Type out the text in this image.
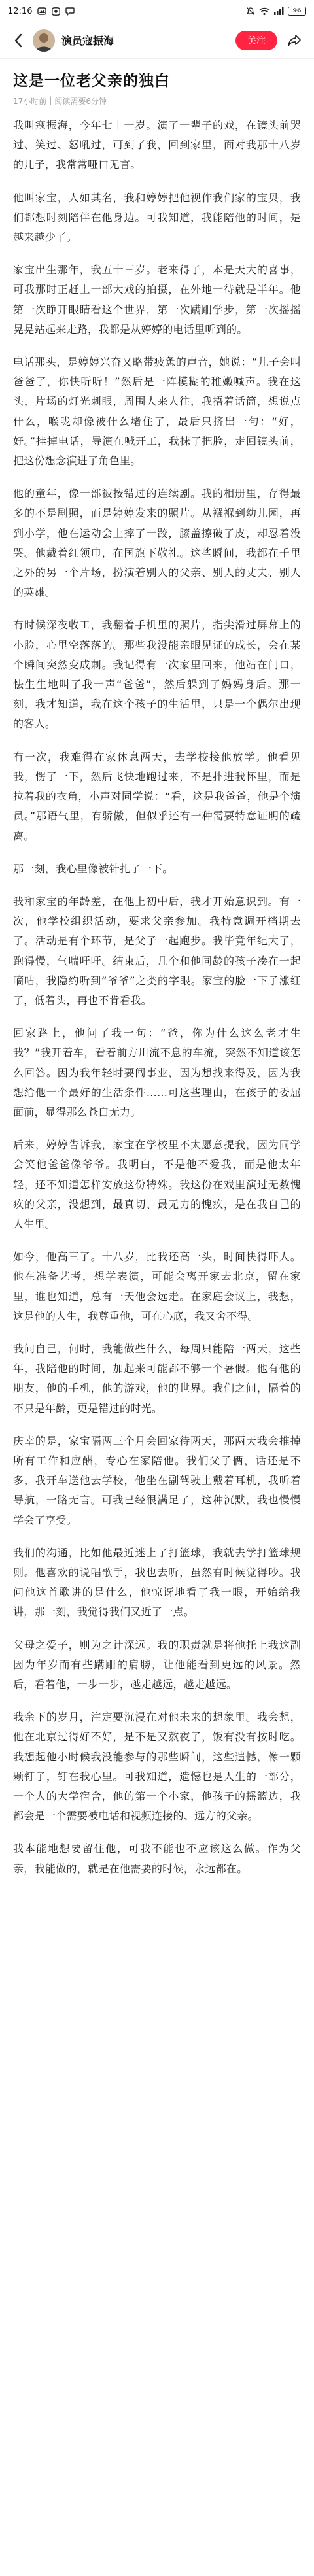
12:16	96
演员寇振海	关注
这是一位老父亲的独白
17小时前 | 阅读需要6分钟

我叫寇振海，今年七十一岁。演了一辈子的戏，在镜头前哭过、笑过、怒吼过，可到了我，回到家里，面对我那十八岁的儿子，我常常哑口无言。

他叫家宝，人如其名，我和婷婷把他视作我们家的宝贝，我们都想时刻陪伴在他身边。可我知道，我能陪他的时间，是越来越少了。

家宝出生那年，我五十三岁。老来得子，本是天大的喜事，可我那时正赶上一部大戏的拍摄，在外地一待就是半年。他第一次睁开眼睛看这个世界，第一次蹒跚学步，第一次摇摇晃晃站起来走路，我都是从婷婷的电话里听到的。

电话那头，是婷婷兴奋又略带疲惫的声音，她说：“儿子会叫爸爸了，你快听听！”然后是一阵模糊的稚嫩喊声。我在这头，片场的灯光刺眼，周围人来人往，我捂着话筒，想说点什么，喉咙却像被什么堵住了，最后只挤出一句：“好，好。”挂掉电话，导演在喊开工，我抹了把脸，走回镜头前，把这份想念演进了角色里。

他的童年，像一部被按错过的连续剧。我的相册里，存得最多的不是剧照，而是婷婷发来的照片。从襁褓到幼儿园，再到小学，他在运动会上摔了一跤，膝盖擦破了皮，却忍着没哭。他戴着红领巾，在国旗下敬礼。这些瞬间，我都在千里之外的另一个片场，扮演着别人的父亲、别人的丈夫、别人的英雄。

有时候深夜收工，我翻着手机里的照片，指尖滑过屏幕上的小脸，心里空落落的。那些我没能亲眼见证的成长，会在某个瞬间突然变成刺。我记得有一次家里回来，他站在门口，怯生生地叫了我一声“爸爸”，然后躲到了妈妈身后。那一刻，我才知道，我在这个孩子的生活里，只是一个偶尔出现的客人。

有一次，我难得在家休息两天，去学校接他放学。他看见我，愣了一下，然后飞快地跑过来，不是扑进我怀里，而是拉着我的衣角，小声对同学说：“看，这是我爸爸，他是个演员。”那语气里，有骄傲，但似乎还有一种需要特意证明的疏离。

那一刻，我心里像被针扎了一下。

我和家宝的年龄差，在他上初中后，我才开始意识到。有一次，他学校组织活动，要求父亲参加。我特意调开档期去了。活动是有个环节，是父子一起跑步。我毕竟年纪大了，跑得慢，气喘吁吁。结束后，几个和他同龄的孩子凑在一起嘀咕，我隐约听到“爷爷”之类的字眼。家宝的脸一下子涨红了，低着头，再也不肯看我。

回家路上，他问了我一句：“爸，你为什么这么老才生我？”我开着车，看着前方川流不息的车流，突然不知道该怎么回答。因为我年轻时要闯事业，因为想找来得及，因为我想给他一个最好的生活条件……可这些理由，在孩子的委屈面前，显得那么苍白无力。

后来，婷婷告诉我，家宝在学校里不太愿意提我，因为同学会笑他爸爸像爷爷。我明白，不是他不爱我，而是他太年轻，还不知道怎样安放这份特殊。我这份在戏里演过无数愧疚的父亲，没想到，最真切、最无力的愧疚，是在我自己的人生里。

如今，他高三了。十八岁，比我还高一头，时间快得吓人。他在准备艺考，想学表演，可能会离开家去北京，留在家里，谁也知道，总有一天他会远走。在家庭会议上，我想，这是他的人生，我尊重他，可在心底，我又舍不得。

我问自己，何时，我能做些什么，每周只能陪一两天，这些年，我陪他的时间，加起来可能都不够一个暑假。他有他的朋友，他的手机，他的游戏，他的世界。我们之间，隔着的不只是年龄，更是错过的时光。

庆幸的是，家宝隔两三个月会回家待两天，那两天我会推掉所有工作和应酬，专心在家陪他。我们父子俩，话还是不多，我开车送他去学校，他坐在副驾驶上戴着耳机，我听着导航，一路无言。可我已经很满足了，这种沉默，我也慢慢学会了享受。

我们的沟通，比如他最近迷上了打篮球，我就去学打篮球规则。他喜欢的说唱歌手，我也去听，虽然有时候觉得吵。我问他这首歌讲的是什么，他惊讶地看了我一眼，开始给我讲，那一刻，我觉得我们又近了一点。

父母之爱子，则为之计深远。我的职责就是将他托上我这副因为年岁而有些蹒跚的肩膀，让他能看到更远的风景。然后，看着他，一步一步，越走越远，越走越远。

我余下的岁月，注定要沉浸在对他未来的想象里。我会想，他在北京过得好不好，是不是又熬夜了，饭有没有按时吃。我想起他小时候我没能参与的那些瞬间，这些遗憾，像一颗颗钉子，钉在我心里。可我知道，遗憾也是人生的一部分，一个人的大学宿舍，他的第一个小家，他孩子的摇篮边，我都会是一个需要被电话和视频连接的、远方的父亲。

我本能地想要留住他，可我不能也不应该这么做。作为父亲，我能做的，就是在他需要的时候，永远都在。
